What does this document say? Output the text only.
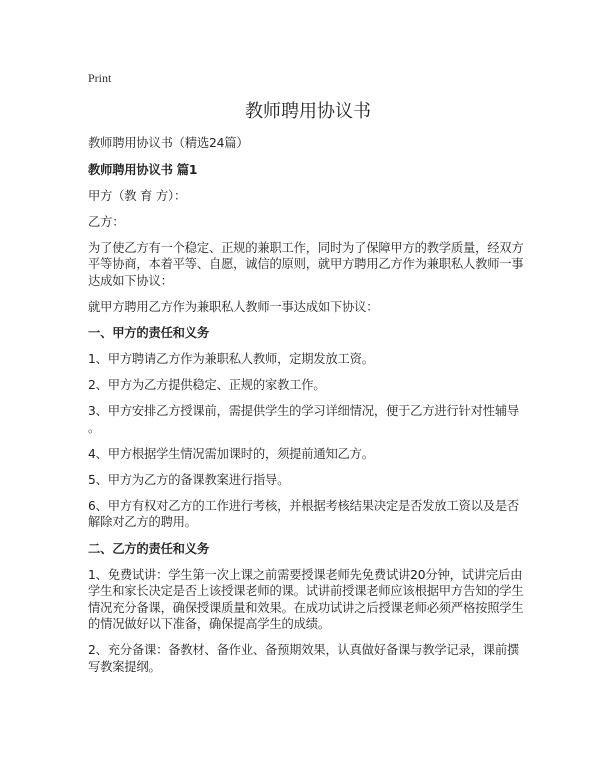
Print
教师聘用协议书

教师聘用协议书（精选24篇）

教师聘用协议书 篇1

甲方（教 育 方）：

乙方：

为了使乙方有一个稳定、正规的兼职工作，同时为了保障甲方的教学质量，经双方
平等协商，本着平等、自愿，诚信的原则，就甲方聘用乙方作为兼职私人教师一事
达成如下协议：

就甲方聘用乙方作为兼职私人教师一事达成如下协议：

一、甲方的责任和义务

1、甲方聘请乙方作为兼职私人教师，定期发放工资。

2、甲方为乙方提供稳定、正规的家教工作。

3、甲方安排乙方授课前，需提供学生的学习详细情况，便于乙方进行针对性辅导
。

4、甲方根据学生情况需加课时的，须提前通知乙方。

5、甲方为乙方的备课教案进行指导。

6、甲方有权对乙方的工作进行考核，并根据考核结果决定是否发放工资以及是否
解除对乙方的聘用。

二、乙方的责任和义务

1、免费试讲：学生第一次上课之前需要授课老师先免费试讲20分钟，试讲完后由
学生和家长决定是否上该授课老师的课。试讲前授课老师应该根据甲方告知的学生
情况充分备课，确保授课质量和效果。在成功试讲之后授课老师必须严格按照学生
的情况做好以下准备，确保提高学生的成绩。

2、充分备课：备教材、备作业、备预期效果，认真做好备课与教学记录，课前撰
写教案提纲。
